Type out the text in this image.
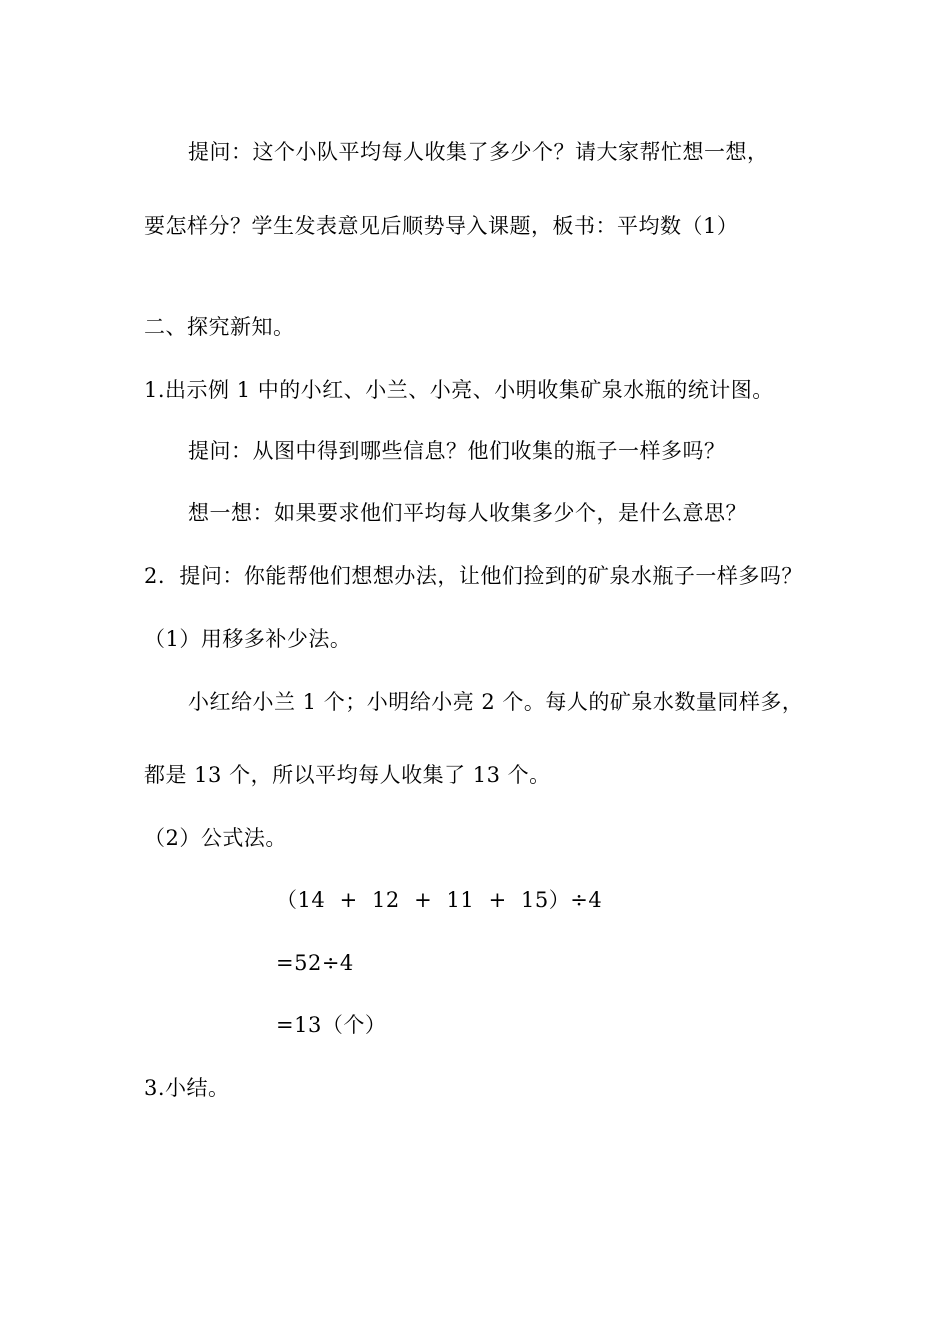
提问：这个小队平均每人收集了多少个？请大家帮忙想一想，
要怎样分？学生发表意见后顺势导入课题，板书：平均数（1）
二、探究新知。
1.出示例 1 中的小红、小兰、小亮、小明收集矿泉水瓶的统计图。
提问：从图中得到哪些信息？他们收集的瓶子一样多吗？
想一想：如果要求他们平均每人收集多少个，是什么意思？
2.  提问：你能帮他们想想办法，让他们捡到的矿泉水瓶子一样多吗？
（1）用移多补少法。
小红给小兰 1 个；小明给小亮 2 个。每人的矿泉水数量同样多，
都是 13 个，所以平均每人收集了 13 个。
（2）公式法。
（14  +  12  +  11  +  15）÷4
=52÷4
=13（个）
3.小结。
